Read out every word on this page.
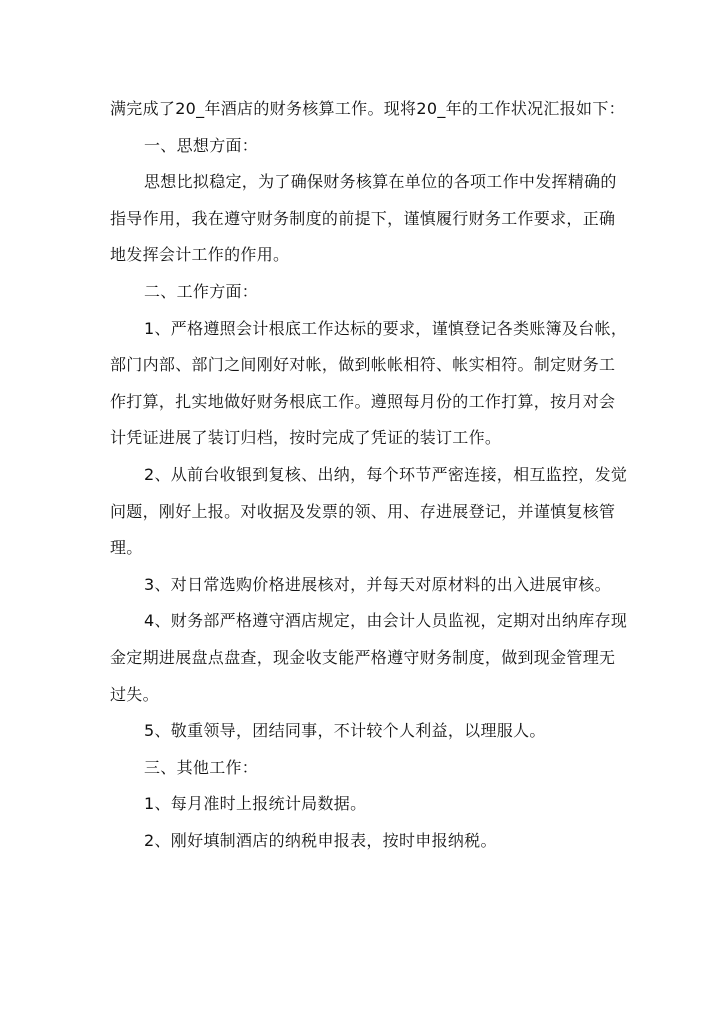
满完成了20_年酒店的财务核算工作。现将20_年的工作状况汇报如下：

一、思想方面：

思想比拟稳定，为了确保财务核算在单位的各项工作中发挥精确的指导作用，我在遵守财务制度的前提下，谨慎履行财务工作要求，正确地发挥会计工作的作用。

二、工作方面：

1、严格遵照会计根底工作达标的要求，谨慎登记各类账簿及台帐，部门内部、部门之间刚好对帐，做到帐帐相符、帐实相符。制定财务工作打算，扎实地做好财务根底工作。遵照每月份的工作打算，按月对会计凭证进展了装订归档，按时完成了凭证的装订工作。

2、从前台收银到复核、出纳，每个环节严密连接，相互监控，发觉问题，刚好上报。对收据及发票的领、用、存进展登记，并谨慎复核管理。

3、对日常选购价格进展核对，并每天对原材料的出入进展审核。

4、财务部严格遵守酒店规定，由会计人员监视，定期对出纳库存现金定期进展盘点盘查，现金收支能严格遵守财务制度，做到现金管理无过失。

5、敬重领导，团结同事，不计较个人利益，以理服人。

三、其他工作：

1、每月准时上报统计局数据。

2、刚好填制酒店的纳税申报表，按时申报纳税。
